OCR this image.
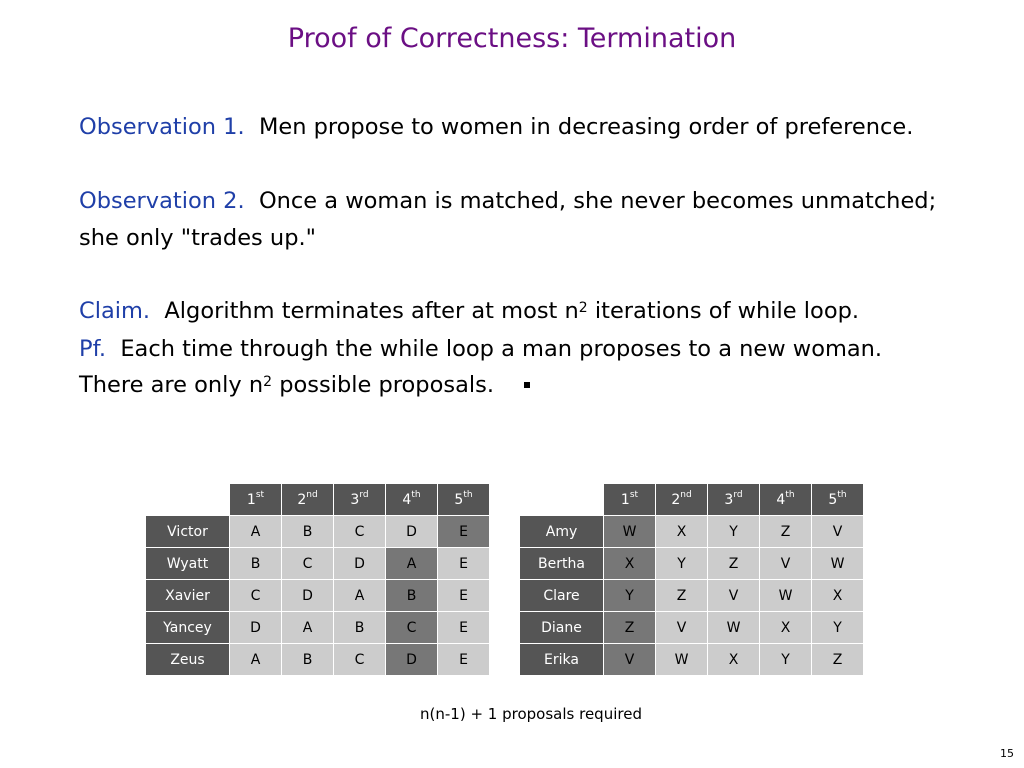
Proof of Correctness: Termination
Observation 1. Men propose to women in decreasing order of preference.
Observation 2. Once a woman is matched, she never becomes unmatched;
she only "trades up."
Claim. Algorithm terminates after at most $n^2$ iterations of while loop.
Pf. Each time through the while loop a man proposes to a new woman.
There are only $n^2$ possible proposals.
	1st	2nd	3rd	4th	5th
Victor	A	B	C	D	E
Wyatt	B	C	D	A	E
Xavier	C	D	A	B	E
Yancey	D	A	B	C	E
Zeus	A	B	C	D	E
	1st	2nd	3rd	4th	5th
Amy	W	X	Y	Z	V
Bertha	X	Y	Z	V	W
Clare	Y	Z	V	W	X
Diane	Z	V	W	X	Y
Erika	V	W	X	Y	Z
n(n-1) + 1 proposals required
15
